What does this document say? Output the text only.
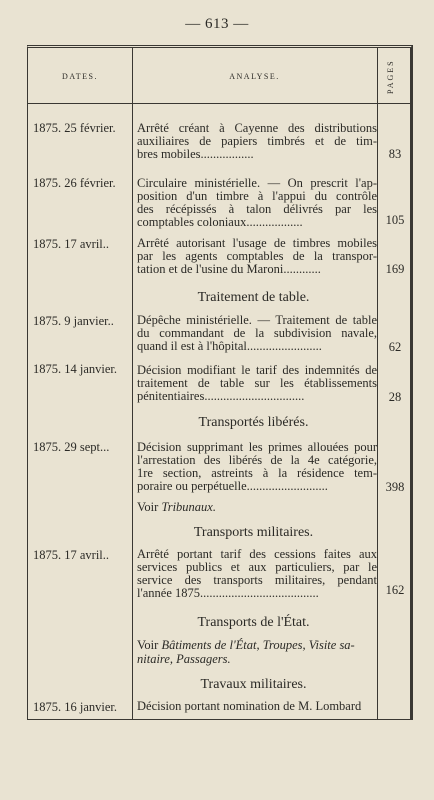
— 613 —
DATES.	ANALYSE.	PAGES
1875. 25 février. Arrêté créant à Cayenne des distributions
auxiliaires de papiers timbrés et de tim-
bres mobiles.................	83
1875. 26 février. Circulaire ministérielle. — On prescrit l'ap-
position d'un timbre à l'appui du contrôle
des récépissés à talon délivrés par les
comptables coloniaux..................	105
1875. 17 avril.. Arrêté autorisant l'usage de timbres mobiles
par les agents comptables de la transpor-
tation et de l'usine du Maroni............	169
Traitement de table.
1875. 9 janvier.. Dépêche ministérielle. — Traitement de table
du commandant de la subdivision navale,
quand il est à l'hôpital........................	62
1875. 14 janvier. Décision modifiant le tarif des indemnités de
traitement de table sur les établissements
pénitentiaires................................	28
Transportés libérés.
1875. 29 sept... Décision supprimant les primes allouées pour
l'arrestation des libérés de la 4e catégorie,
1re section, astreints à la résidence tem-
poraire ou perpétuelle..........................	398
Voir Tribunaux.
Transports militaires.
1875. 17 avril.. Arrêté portant tarif des cessions faites aux
services publics et aux particuliers, par le
service des transports militaires, pendant
l'année 1875......................................	162
Transports de l'État.
Voir Bâtiments de l'État, Troupes, Visite sa-
nitaire, Passagers.
Travaux militaires.
1875. 16 janvier. Décision portant nomination de M. Lombard
